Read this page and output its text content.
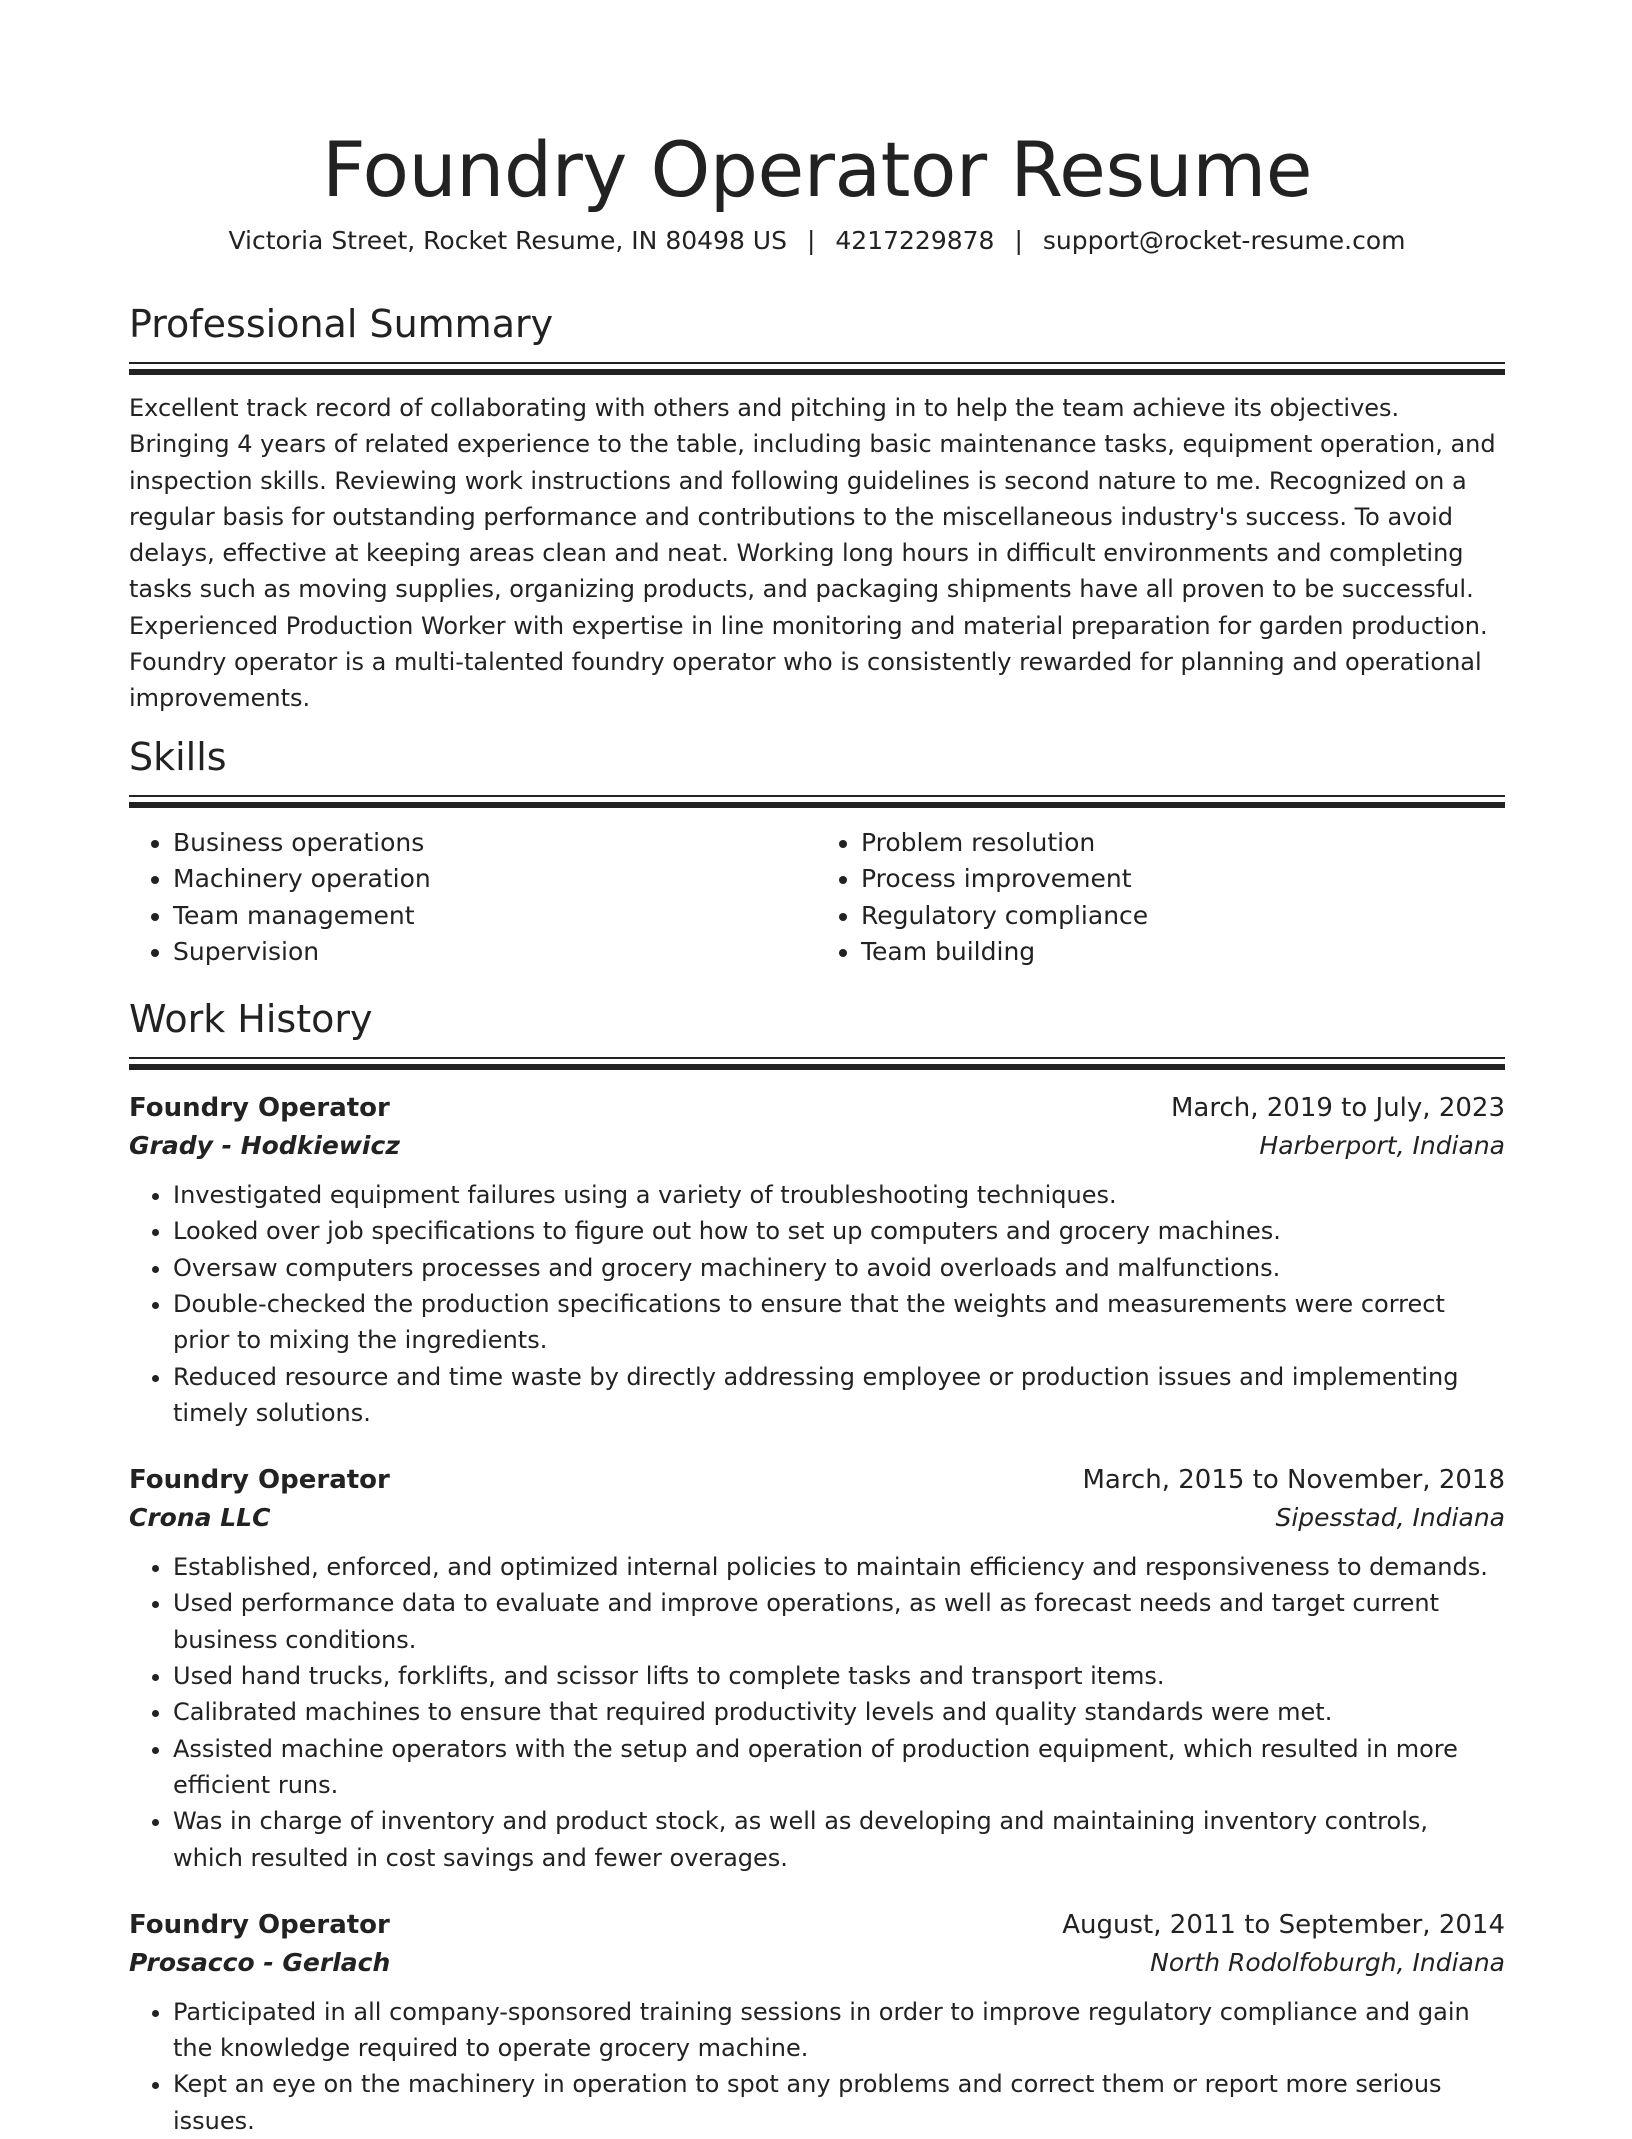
Foundry Operator Resume
Victoria Street, Rocket Resume, IN 80498 US | 4217229878 | support@rocket-resume.com
Professional Summary

Excellent track record of collaborating with others and pitching in to help the team achieve its objectives. Bringing 4 years of related experience to the table, including basic maintenance tasks, equipment operation, and inspection skills. Reviewing work instructions and following guidelines is second nature to me. Recognized on a regular basis for outstanding performance and contributions to the miscellaneous industry's success. To avoid delays, effective at keeping areas clean and neat. Working long hours in difficult environments and completing tasks such as moving supplies, organizing products, and packaging shipments have all proven to be successful. Experienced Production Worker with expertise in line monitoring and material preparation for garden production. Foundry operator is a multi-talented foundry operator who is consistently rewarded for planning and operational improvements.

Skills
• Business operations
• Machinery operation
• Team management
• Supervision
• Problem resolution
• Process improvement
• Regulatory compliance
• Team building
Work History
Foundry Operator	March, 2019 to July, 2023
Grady - Hodkiewicz	Harberport, Indiana
• Investigated equipment failures using a variety of troubleshooting techniques.
• Looked over job specifications to figure out how to set up computers and grocery machines.
• Oversaw computers processes and grocery machinery to avoid overloads and malfunctions.
• Double-checked the production specifications to ensure that the weights and measurements were correct prior to mixing the ingredients.
• Reduced resource and time waste by directly addressing employee or production issues and implementing timely solutions.
Foundry Operator	March, 2015 to November, 2018
Crona LLC	Sipesstad, Indiana
• Established, enforced, and optimized internal policies to maintain efficiency and responsiveness to demands.
• Used performance data to evaluate and improve operations, as well as forecast needs and target current business conditions.
• Used hand trucks, forklifts, and scissor lifts to complete tasks and transport items.
• Calibrated machines to ensure that required productivity levels and quality standards were met.
• Assisted machine operators with the setup and operation of production equipment, which resulted in more efficient runs.
• Was in charge of inventory and product stock, as well as developing and maintaining inventory controls, which resulted in cost savings and fewer overages.
Foundry Operator	August, 2011 to September, 2014
Prosacco - Gerlach	North Rodolfoburgh, Indiana
• Participated in all company-sponsored training sessions in order to improve regulatory compliance and gain the knowledge required to operate grocery machine.
• Kept an eye on the machinery in operation to spot any problems and correct them or report more serious issues.
